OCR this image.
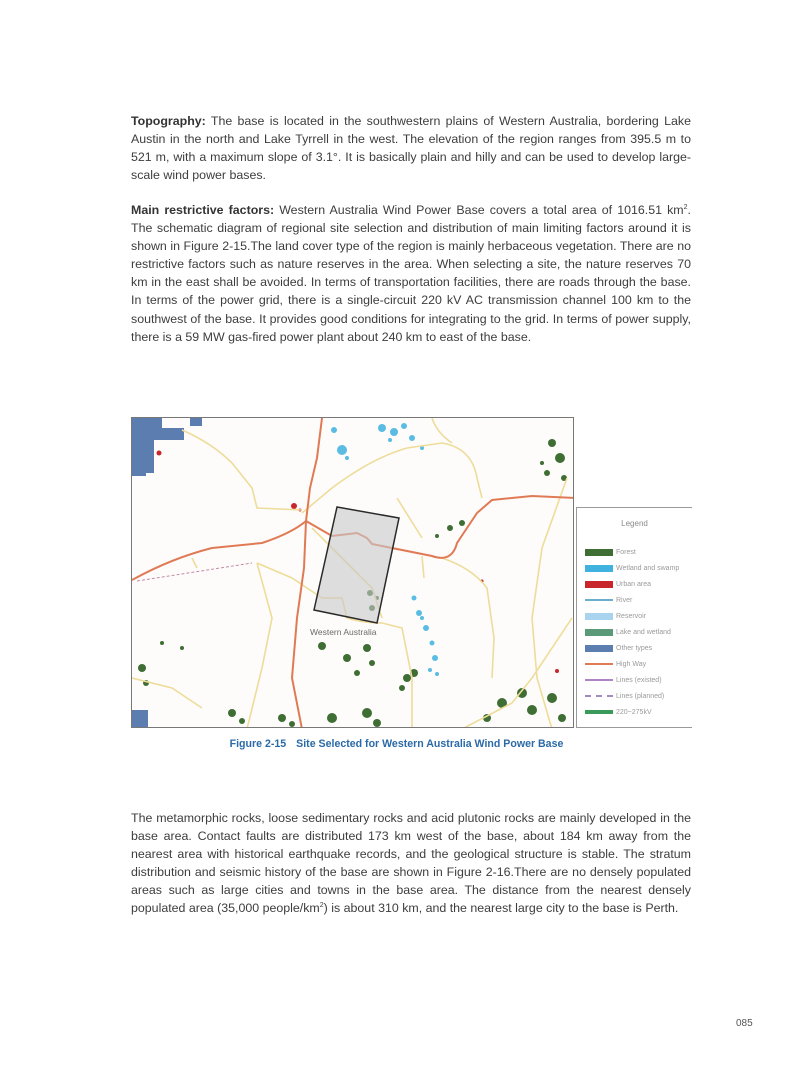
Topography: The base is located in the southwestern plains of Western Australia, bordering Lake Austin in the north and Lake Tyrrell in the west. The elevation of the region ranges from 395.5 m to 521 m, with a maximum slope of 3.1°. It is basically plain and hilly and can be used to develop large-scale wind power bases.
Main restrictive factors: Western Australia Wind Power Base covers a total area of 1016.51 $km^2$. The schematic diagram of regional site selection and distribution of main limiting factors around it is shown in Figure 2-15.The land cover type of the region is mainly herbaceous vegetation. There are no restrictive factors such as nature reserves in the area. When selecting a site, the nature reserves 70 km in the east shall be avoided. In terms of transportation facilities, there are roads through the base. In terms of the power grid, there is a single-circuit 220 kV AC transmission channel 100 km to the southwest of the base. It provides good conditions for integrating to the grid. In terms of power supply, there is a 59 MW gas-fired power plant about 240 km to east of the base.
Western Australia
Legend
Forest
Wetland and swamp
Urban area
River
Reservoir
Lake and wetland
Other types
High Way
Lines (existed)
Lines (planned)
220~275kV
Figure 2-15 Site Selected for Western Australia Wind Power Base
The metamorphic rocks, loose sedimentary rocks and acid plutonic rocks are mainly developed in the base area. Contact faults are distributed 173 km west of the base, about 184 km away from the nearest area with historical earthquake records, and the geological structure is stable. The stratum distribution and seismic history of the base are shown in Figure 2-16.There are no densely populated areas such as large cities and towns in the base area. The distance from the nearest densely populated area (35,000 people/$km^2$) is about 310 km, and the nearest large city to the base is Perth.
085
